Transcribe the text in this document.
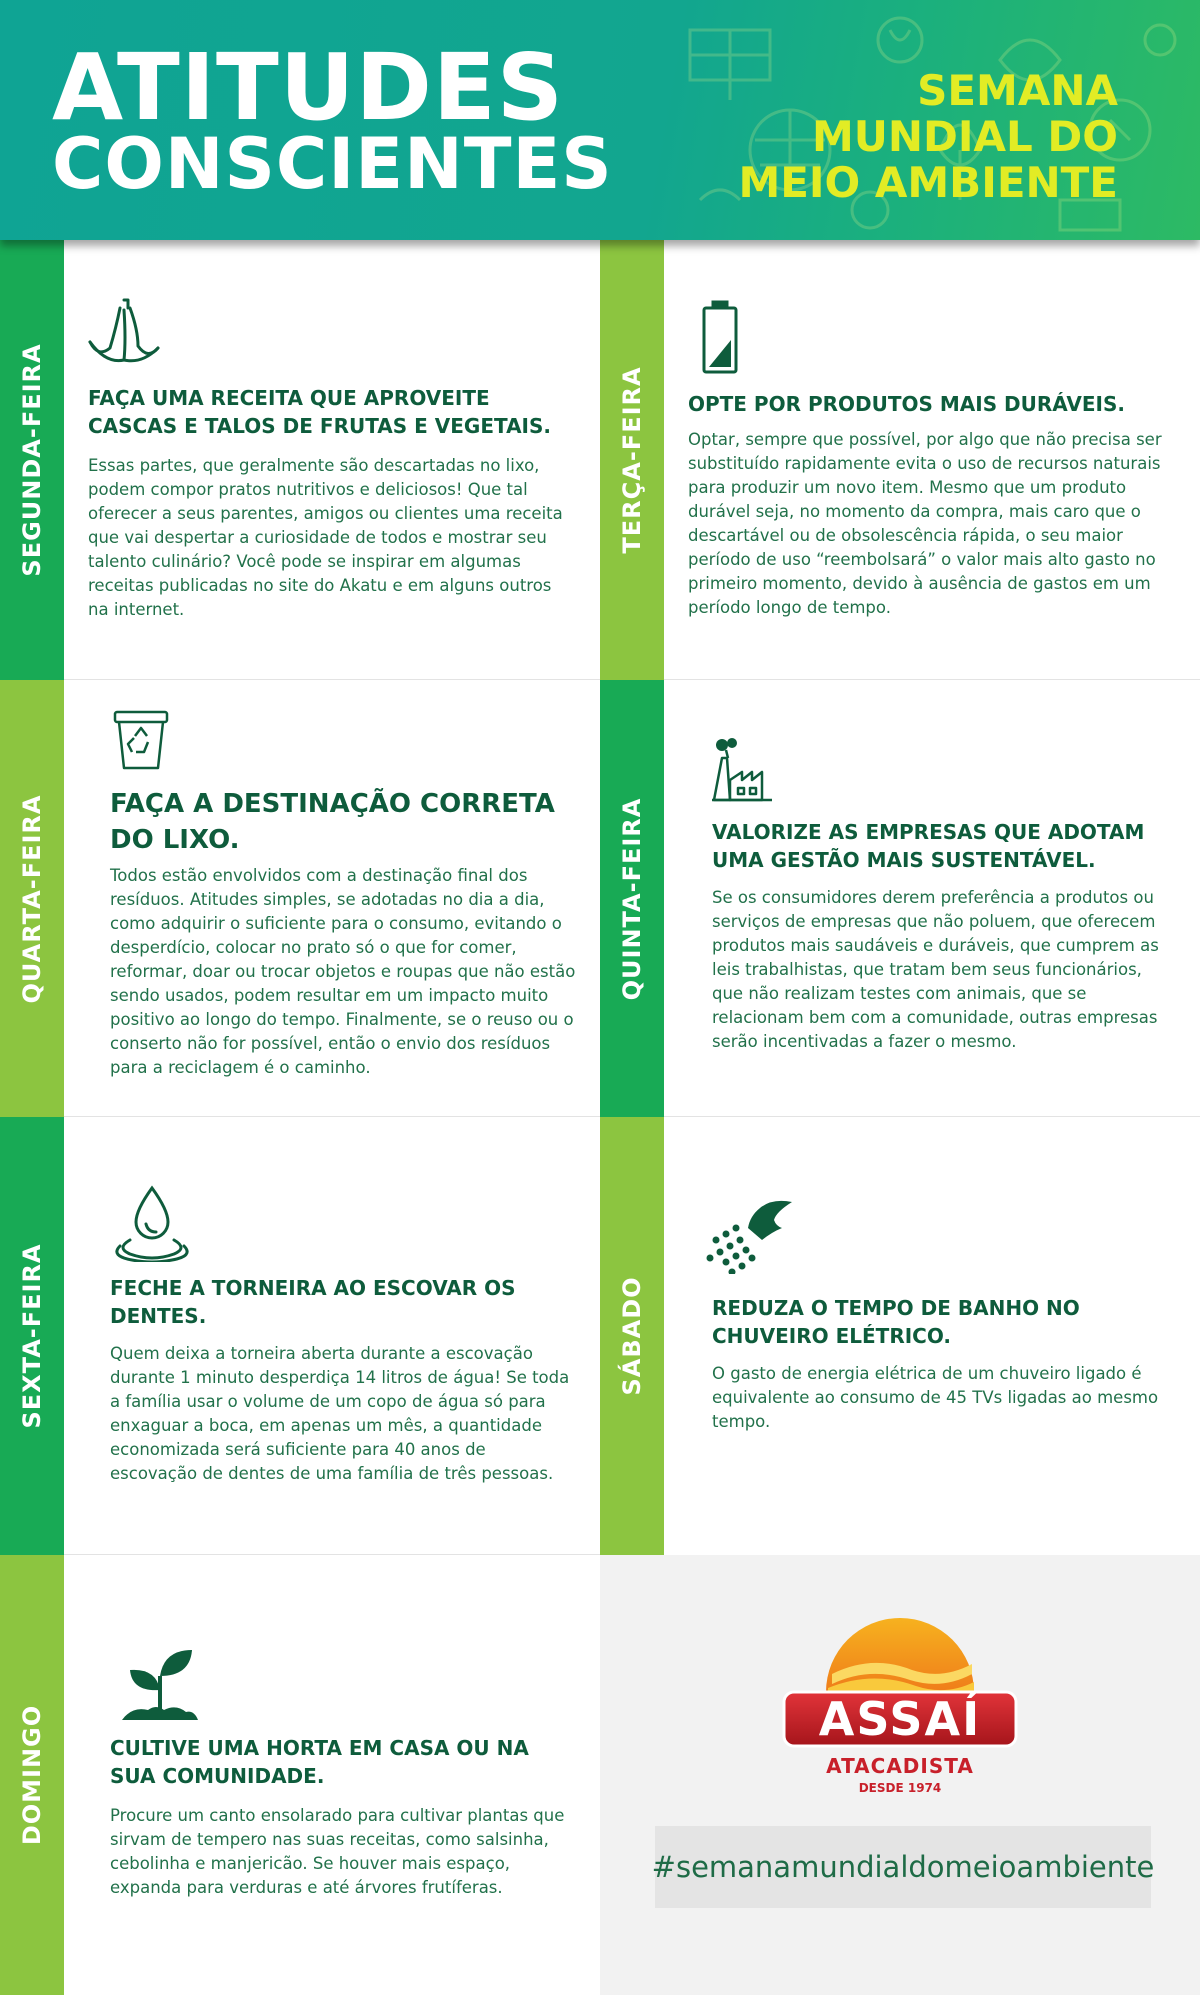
ATITUDES
CONSCIENTES
SEMANA
MUNDIAL DO
MEIO AMBIENTE
SEGUNDA-FEIRA	TERÇA-FEIRA
QUARTA-FEIRA	QUINTA-FEIRA
SEXTA-FEIRA	SÁBADO
DOMINGO
FAÇA UMA RECEITA QUE APROVEITE CASCAS E TALOS DE FRUTAS E VEGETAIS.
Essas partes, que geralmente são descartadas no lixo, podem compor pratos nutritivos e deliciosos! Que tal oferecer a seus parentes, amigos ou clientes uma receita que vai despertar a curiosidade de todos e mostrar seu talento culinário? Você pode se inspirar em algumas receitas publicadas no site do Akatu e em alguns outros na internet.
OPTE POR PRODUTOS MAIS DURÁVEIS.
Optar, sempre que possível, por algo que não precisa ser substituído rapidamente evita o uso de recursos naturais para produzir um novo item. Mesmo que um produto durável seja, no momento da compra, mais caro que o descartável ou de obsolescência rápida, o seu maior período de uso “reembolsará” o valor mais alto gasto no primeiro momento, devido à ausência de gastos em um período longo de tempo.
FAÇA A DESTINAÇÃO CORRETA DO LIXO.
Todos estão envolvidos com a destinação final dos resíduos. Atitudes simples, se adotadas no dia a dia, como adquirir o suficiente para o consumo, evitando o desperdício, colocar no prato só o que for comer, reformar, doar ou trocar objetos e roupas que não estão sendo usados, podem resultar em um impacto muito positivo ao longo do tempo. Finalmente, se o reuso ou o conserto não for possível, então o envio dos resíduos para a reciclagem é o caminho.
VALORIZE AS EMPRESAS QUE ADOTAM UMA GESTÃO MAIS SUSTENTÁVEL.
Se os consumidores derem preferência a produtos ou serviços de empresas que não poluem, que oferecem produtos mais saudáveis e duráveis, que cumprem as leis trabalhistas, que tratam bem seus funcionários, que não realizam testes com animais, que se relacionam bem com a comunidade, outras empresas serão incentivadas a fazer o mesmo.
FECHE A TORNEIRA AO ESCOVAR OS DENTES.
Quem deixa a torneira aberta durante a escovação durante 1 minuto desperdiça 14 litros de água! Se toda a família usar o volume de um copo de água só para enxaguar a boca, em apenas um mês, a quantidade economizada será suficiente para 40 anos de escovação de dentes de uma família de três pessoas.
REDUZA O TEMPO DE BANHO NO CHUVEIRO ELÉTRICO.
O gasto de energia elétrica de um chuveiro ligado é equivalente ao consumo de 45 TVs ligadas ao mesmo tempo.
CULTIVE UMA HORTA EM CASA OU NA SUA COMUNIDADE.
Procure um canto ensolarado para cultivar plantas que sirvam de tempero nas suas receitas, como salsinha, cebolinha e manjericão. Se houver mais espaço, expanda para verduras e até árvores frutíferas.
ASSAÍ
ATACADISTA
DESDE 1974
#semanamundialdomeioambiente
